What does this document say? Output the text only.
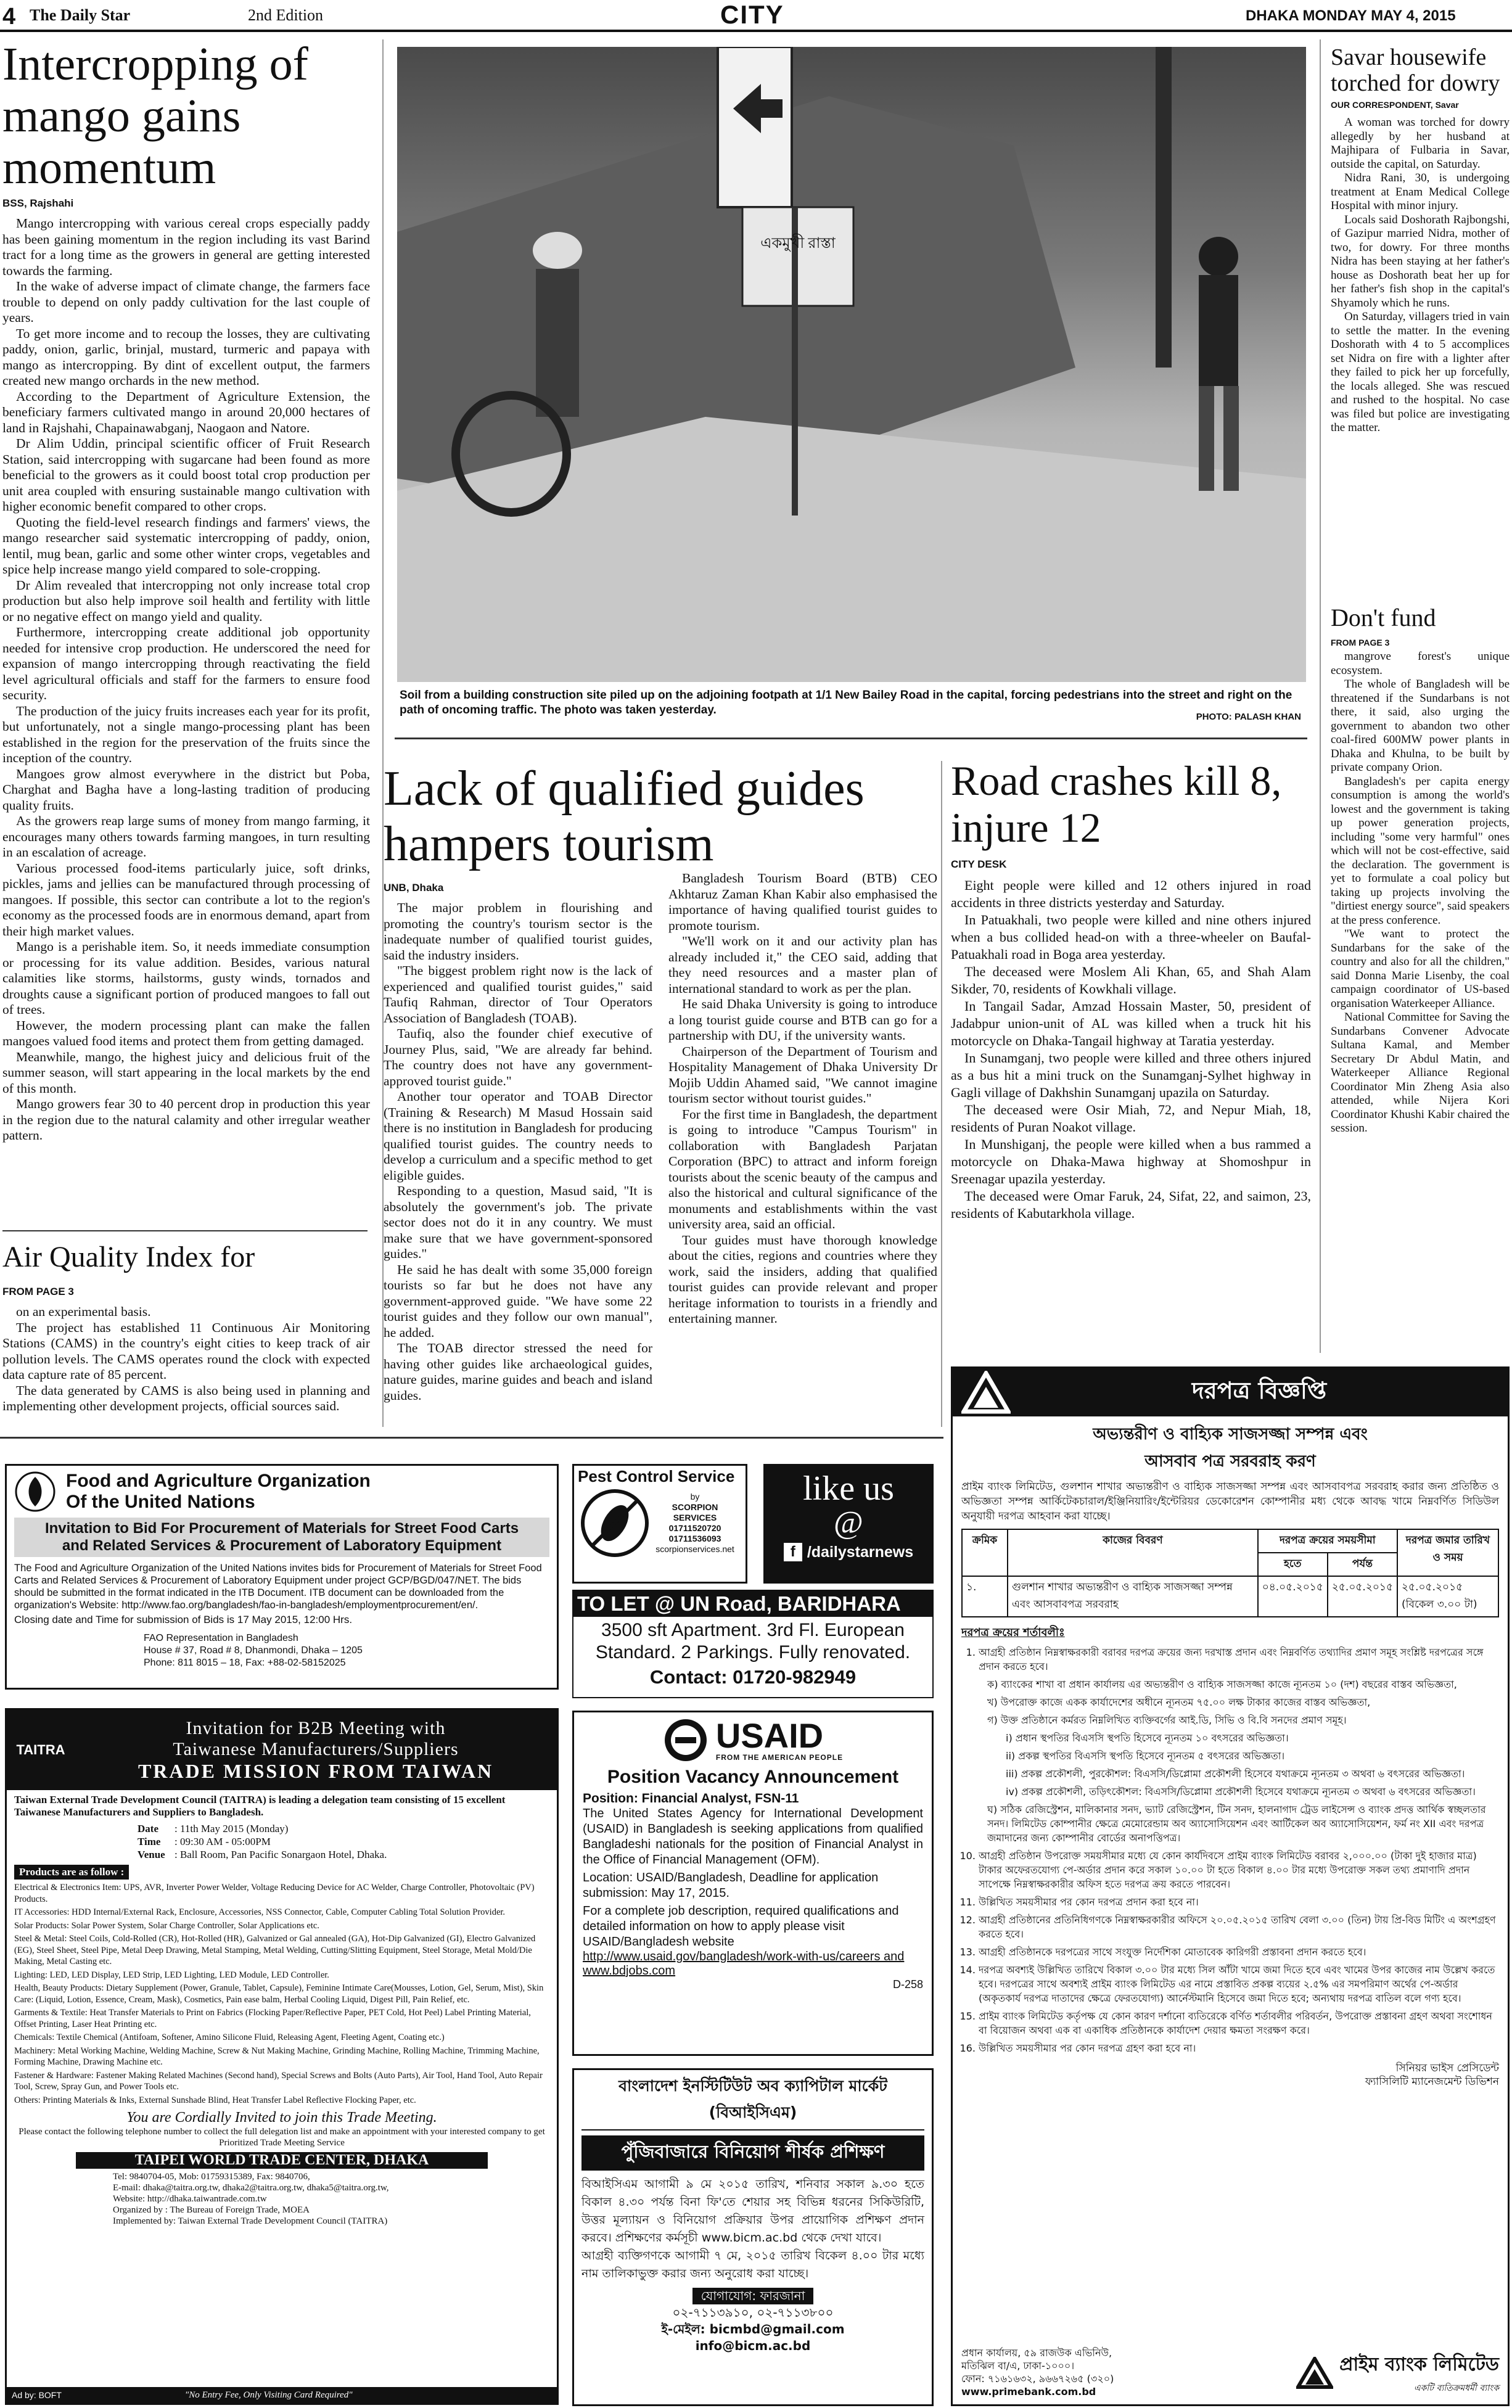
4 The Daily Star	2nd Edition	CITY	DHAKA MONDAY MAY 4, 2015
Intercropping of mango gains momentum
BSS, Rajshahi

Mango intercropping with various cereal crops especially paddy has been gaining momentum in the region including its vast Barind tract for a long time as the growers in general are getting interested towards the farming.

In the wake of adverse impact of climate change, the farmers face trouble to depend on only paddy cultivation for the last couple of years.

To get more income and to recoup the losses, they are cultivating paddy, onion, garlic, brinjal, mustard, turmeric and papaya with mango as intercropping. By dint of excellent output, the farmers created new mango orchards in the new method.

According to the Department of Agriculture Extension, the beneficiary farmers cultivated mango in around 20,000 hectares of land in Rajshahi, Chapainawabganj, Naogaon and Natore.

Dr Alim Uddin, principal scientific officer of Fruit Research Station, said intercropping with sugarcane had been found as more beneficial to the growers as it could boost total crop production per unit area coupled with ensuring sustainable mango cultivation with higher economic benefit compared to other crops.

Quoting the field-level research findings and farmers' views, the mango researcher said systematic intercropping of paddy, onion, lentil, mug bean, garlic and some other winter crops, vegetables and spice help increase mango yield compared to sole-cropping.

Dr Alim revealed that intercropping not only increase total crop production but also help improve soil health and fertility with little or no negative effect on mango yield and quality.

Furthermore, intercropping create additional job opportunity needed for intensive crop production. He underscored the need for expansion of mango intercropping through reactivating the field level agricultural officials and staff for the farmers to ensure food security.

The production of the juicy fruits increases each year for its profit, but unfortunately, not a single mango-processing plant has been established in the region for the preservation of the fruits since the inception of the country.

Mangoes grow almost everywhere in the district but Poba, Charghat and Bagha have a long-lasting tradition of producing quality fruits.

As the growers reap large sums of money from mango farming, it encourages many others towards farming mangoes, in turn resulting in an escalation of acreage.

Various processed food-items particularly juice, soft drinks, pickles, jams and jellies can be manufactured through processing of mangoes. If possible, this sector can contribute a lot to the region's economy as the processed foods are in enormous demand, apart from their high market values.

Mango is a perishable item. So, it needs immediate consumption or processing for its value addition. Besides, various natural calamities like storms, hailstorms, gusty winds, tornados and droughts cause a significant portion of produced mangoes to fall out of trees.

However, the modern processing plant can make the fallen mangoes valued food items and protect them from getting damaged.

Meanwhile, mango, the highest juicy and delicious fruit of the summer season, will start appearing in the local markets by the end of this month.

Mango growers fear 30 to 40 percent drop in production this year in the region due to the natural calamity and other irregular weather pattern.

Air Quality Index for
FROM PAGE 3

on an experimental basis.

The project has established 11 Continuous Air Monitoring Stations (CAMS) in the country's eight cities to keep track of air pollution levels. The CAMS operates round the clock with expected data capture rate of 85 percent.

The data generated by CAMS is also being used in planning and implementing other development projects, official sources said.

একমুখী রাস্তা
Soil from a building construction site piled up on the adjoining footpath at 1/1 New Bailey Road in the capital, forcing pedestrians into the street and right on the path of oncoming traffic. The photo was taken yesterday.
PHOTO: PALASH KHAN
Lack of qualified guides hampers tourism
UNB, Dhaka

The major problem in flourishing and promoting the country's tourism sector is the inadequate number of qualified tourist guides, said the industry insiders.

"The biggest problem right now is the lack of experienced and qualified tourist guides," said Taufiq Rahman, director of Tour Operators Association of Bangladesh (TOAB).

Taufiq, also the founder chief executive of Journey Plus, said, "We are already far behind. The country does not have any government-approved tourist guide."

Another tour operator and TOAB Director (Training & Research) M Masud Hossain said there is no institution in Bangladesh for producing qualified tourist guides. The country needs to develop a curriculum and a specific method to get eligible guides.

Responding to a question, Masud said, "It is absolutely the government's job. The private sector does not do it in any country. We must make sure that we have government-sponsored guides."

He said he has dealt with some 35,000 foreign tourists so far but he does not have any government-approved guide. "We have some 22 tourist guides and they follow our own manual", he added.

The TOAB director stressed the need for having other guides like archaeological guides, nature guides, marine guides and beach and island guides.

Bangladesh Tourism Board (BTB) CEO Akhtaruz Zaman Khan Kabir also emphasised the importance of having qualified tourist guides to promote tourism.

"We'll work on it and our activity plan has already included it," the CEO said, adding that they need resources and a master plan of international standard to work as per the plan.

He said Dhaka University is going to introduce a long tourist guide course and BTB can go for a partnership with DU, if the university wants.

Chairperson of the Department of Tourism and Hospitality Management of Dhaka University Dr Mojib Uddin Ahamed said, "We cannot imagine tourism sector without tourist guides."

For the first time in Bangladesh, the department is going to introduce "Campus Tourism" in collaboration with Bangladesh Parjatan Corporation (BPC) to attract and inform foreign tourists about the scenic beauty of the campus and also the historical and cultural significance of the monuments and establishments within the vast university area, said an official.

Tour guides must have thorough knowledge about the cities, regions and countries where they work, said the insiders, adding that qualified tourist guides can provide relevant and proper heritage information to tourists in a friendly and entertaining manner.

Road crashes kill 8, injure 12
CITY DESK

Eight people were killed and 12 others injured in road accidents in three districts yesterday and Saturday.

In Patuakhali, two people were killed and nine others injured when a bus collided head-on with a three-wheeler on Baufal-Patuakhali road in Boga area yesterday.

The deceased were Moslem Ali Khan, 65, and Shah Alam Sikder, 70, residents of Kowkhali village.

In Tangail Sadar, Amzad Hossain Master, 50, president of Jadabpur union-unit of AL was killed when a truck hit his motorcycle on Dhaka-Tangail highway at Taratia yesterday.

In Sunamganj, two people were killed and three others injured as a bus hit a mini truck on the Sunamganj-Sylhet highway in Gagli village of Dakhshin Sunamganj upazila on Saturday.

The deceased were Osir Miah, 72, and Nepur Miah, 18, residents of Puran Noakot village.

In Munshiganj, the people were killed when a bus rammed a motorcycle on Dhaka-Mawa highway at Shomoshpur in Sreenagar upazila yesterday.

The deceased were Omar Faruk, 24, Sifat, 22, and saimon, 23, residents of Kabutarkhola village.

Savar housewife torched for dowry
OUR CORRESPONDENT, Savar

A woman was torched for dowry allegedly by her husband at Majhipara of Fulbaria in Savar, outside the capital, on Saturday.

Nidra Rani, 30, is undergoing treatment at Enam Medical College Hospital with minor injury.

Locals said Doshorath Rajbongshi, of Gazipur married Nidra, mother of two, for dowry. For three months Nidra has been staying at her father's house as Doshorath beat her up for her father's fish shop in the capital's Shyamoly which he runs.

On Saturday, villagers tried in vain to settle the matter. In the evening Doshorath with 4 to 5 accomplices set Nidra on fire with a lighter after they failed to pick her up forcefully, the locals alleged. She was rescued and rushed to the hospital. No case was filed but police are investigating the matter.

Don't fund
FROM PAGE 3

mangrove forest's unique ecosystem.

The whole of Bangladesh will be threatened if the Sundarbans is not there, it said, also urging the government to abandon two other coal-fired 600MW power plants in Dhaka and Khulna, to be built by private company Orion.

Bangladesh's per capita energy consumption is among the world's lowest and the government is taking up power generation projects, including "some very harmful" ones which will not be cost-effective, said the declaration. The government is yet to formulate a coal policy but taking up projects involving the "dirtiest energy source", said speakers at the press conference.

"We want to protect the Sundarbans for the sake of the country and also for all the children," said Donna Marie Lisenby, the coal campaign coordinator of US-based organisation Waterkeeper Alliance.

National Committee for Saving the Sundarbans Convener Advocate Sultana Kamal, and Member Secretary Dr Abdul Matin, and Waterkeeper Alliance Regional Coordinator Min Zheng Asia also attended, while Nijera Kori Coordinator Khushi Kabir chaired the session.

Food and Agriculture Organization
Of the United Nations
Invitation to Bid For Procurement of Materials for Street Food Carts and Related Services & Procurement of Laboratory Equipment
The Food and Agriculture Organization of the United Nations invites bids for Procurement of Materials for Street Food Carts and Related Services & Procurement of Laboratory Equipment under project GCP/BGD/047/NET. The bids should be submitted in the format indicated in the ITB Document. ITB document can be downloaded from the organization's Website: http://www.fao.org/bangladesh/fao-in-bangladesh/employmentprocurement/en/.
Closing date and Time for submission of Bids is 17 May 2015, 12:00 Hrs.
FAO Representation in Bangladesh
House # 37, Road # 8, Dhanmondi, Dhaka – 1205
Phone: 811 8015 – 18, Fax: +88-02-58152025
TAITRA
Invitation for B2B Meeting with
Taiwanese Manufacturers/Suppliers
TRADE MISSION FROM TAIWAN
Taiwan External Trade Development Council (TAITRA) is leading a delegation team consisting of 15 excellent Taiwanese Manufacturers and Suppliers to Bangladesh.
Date : 11th May 2015 (Monday)
Time : 09:30 AM - 05:00PM
Venue : Ball Room, Pan Pacific Sonargaon Hotel, Dhaka.
Products are as follow :
Electrical & Electronics Item: UPS, AVR, Inverter Power Welder, Voltage Reducing Device for AC Welder, Charge Controller, Photovoltaic (PV) Products.
IT Accessories: HDD Internal/External Rack, Enclosure, Accessories, NSS Connector, Cable, Computer Cabling Total Solution Provider.
Solar Products: Solar Power System, Solar Charge Controller, Solar Applications etc.
Steel & Metal: Steel Coils, Cold-Rolled (CR), Hot-Rolled (HR), Galvanized or Gal annealed (GA), Hot-Dip Galvanized (GI), Electro Galvanized (EG), Steel Sheet, Steel Pipe, Metal Deep Drawing, Metal Stamping, Metal Welding, Cutting/Slitting Equipment, Steel Storage, Metal Mold/Die Making, Metal Casting etc.
Lighting: LED, LED Display, LED Strip, LED Lighting, LED Module, LED Controller.
Health, Beauty Products: Dietary Supplement (Power, Granule, Tablet, Capsule), Feminine Intimate Care(Mousses, Lotion, Gel, Serum, Mist), Skin Care: (Liquid, Lotion, Essence, Cream, Mask), Cosmetics, Pain ease balm, Herbal Cooling Liquid, Digest Pill, Pain Relief, etc.
Garments & Textile: Heat Transfer Materials to Print on Fabrics (Flocking Paper/Reflective Paper, PET Cold, Hot Peel) Label Printing Material, Offset Printing, Laser Heat Printing etc.
Chemicals: Textile Chemical (Antifoam, Softener, Amino Silicone Fluid, Releasing Agent, Fleeting Agent, Coating etc.)
Machinery: Metal Working Machine, Welding Machine, Screw & Nut Making Machine, Grinding Machine, Rolling Machine, Trimming Machine, Forming Machine, Drawing Machine etc.
Fastener & Hardware: Fastener Making Related Machines (Second hand), Special Screws and Bolts (Auto Parts), Air Tool, Hand Tool, Auto Repair Tool, Screw, Spray Gun, and Power Tools etc.
Others: Printing Materials & Inks, External Sunshade Blind, Heat Transfer Label Reflective Flocking Paper, etc.
You are Cordially Invited to join this Trade Meeting.
Please contact the following telephone number to collect the full delegation list and make an appointment with your interested company to get Prioritized Trade Meeting Service
TAIPEI WORLD TRADE CENTER, DHAKA
Tel: 9840704-05, Mob: 01759315389, Fax: 9840706,
E-mail: dhaka@taitra.org.tw, dhaka2@taitra.org.tw, dhaka5@taitra.org.tw,
Website: http://dhaka.taiwantrade.com.tw
Organized by : The Bureau of Foreign Trade, MOEA
Implemented by: Taiwan External Trade Development Council (TAITRA)
Ad by: BOFT	"No Entry Fee, Only Visiting Card Required"
Pest Control Service
by
SCORPION SERVICES
01711520720
01711536093
scorpionservices.net
like us
@
f /dailystarnews
TO LET @ UN Road, BARIDHARA
3500 sft Apartment. 3rd Fl. European Standard. 2 Parkings. Fully renovated.
Contact: 01720-982949
USAID
FROM THE AMERICAN PEOPLE
Position Vacancy Announcement
Position: Financial Analyst, FSN-11
The United States Agency for International Development (USAID) in Bangladesh is seeking applications from qualified Bangladeshi nationals for the position of Financial Analyst in the Office of Financial Management (OFM).
Location: USAID/Bangladesh, Deadline for application submission: May 17, 2015.
For a complete job description, required qualifications and detailed information on how to apply please visit USAID/Bangladesh website
http://www.usaid.gov/bangladesh/work-with-us/careers and
www.bdjobs.com
D-258
বাংলাদেশ ইনস্টিটিউট অব ক্যাপিটাল মার্কেট (বিআইসিএম)
পুঁজিবাজারে বিনিয়োগ শীর্ষক প্রশিক্ষণ
বিআইসিএম আগামী ৯ মে ২০১৫ তারিখ, শনিবার সকাল ৯.৩০ হতে বিকাল ৪.৩০ পর্যন্ত বিনা ফি'তে শেয়ার সহ বিভিন্ন ধরনের সিকিউরিটি, উত্তর মূল্যায়ন ও বিনিয়োগ প্রক্রিয়ার উপর প্রায়োগিক প্রশিক্ষণ প্রদান করবে। প্রশিক্ষণের কর্মসূচী www.bicm.ac.bd থেকে দেখা যাবে।
আগ্রহী ব্যক্তিগণকে আগামী ৭ মে, ২০১৫ তারিখ বিকেল ৪.০০ টার মধ্যে নাম তালিকাভুক্ত করার জন্য অনুরোধ করা যাচ্ছে।
যোগাযোগ: ফারজানা
০২-৭১১৩৯১০, ০২-৭১১৩৮০০
ই-মেইল: bicmbd@gmail.com
info@bicm.ac.bd
দরপত্র বিজ্ঞপ্তি
অভ্যন্তরীণ ও বাহ্যিক সাজসজ্জা সম্পন্ন এবং
আসবাব পত্র সরবরাহ করণ
প্রাইম ব্যাংক লিমিটেড, গুলশান শাখার অভ্যন্তরীণ ও বাহ্যিক সাজসজ্জা সম্পন্ন এবং আসবাবপত্র সরবরাহ করার জন্য প্রতিষ্ঠিত ও অভিজ্ঞতা সম্পন্ন আর্কিটেকচারাল/ইঞ্জিনিয়ারিং/ইন্টেরিয়র ডেকোরেশন কোম্পানীর মধ্য থেকে আবদ্ধ খামে নিম্নবর্ণিত সিডিউল অনুযায়ী দরপত্র আহবান করা যাচ্ছে।
ক্রমিক	কাজের বিবরণ	দরপত্র ক্রয়ের সময়সীমা		দরপত্র জমার তারিখ ও সময়
		হতে	পর্যন্ত	
১.	গুলশান শাখার অভ্যন্তরীণ ও বাহ্যিক সাজসজ্জা সম্পন্ন এবং আসবাবপত্র সরবরাহ	০৪.০৫.২০১৫	২৫.০৫.২০১৫	২৫.০৫.২০১৫ (বিকেল ৩.০০ টা)
দরপত্র ক্রয়ের শর্তাবলীঃ
1. আগ্রহী প্রতিষ্ঠান নিম্নস্বাক্ষরকারী বরাবর দরপত্র ক্রয়ের জন্য দরখাস্ত প্রদান এবং নিম্নবর্ণিত তথ্যাদির প্রমাণ সমূহ সংশ্লিষ্ট দরপত্রের সঙ্গে প্রদান করতে হবে।
ক) ব্যাংকের শাখা বা প্রধান কার্যালয় এর অভ্যন্তরীণ ও বাহ্যিক সাজসজ্জা কাজে ন্যূনতম ১০ (দশ) বছরের বাস্তব অভিজ্ঞতা,
খ) উপরোক্ত কাজে একক কার্যাদেশের অধীনে ন্যূনতম ৭৫.০০ লক্ষ টাকার কাজের বাস্তব অভিজ্ঞতা,
গ) উক্ত প্রতিষ্ঠানে কর্মরত নিম্নলিখিত ব্যক্তিবর্গের আই.ডি, সিভি ও বি.বি সনদের প্রমাণ সমূহ।
i) প্রধান স্থপতির বিএসসি স্থপতি হিসেবে ন্যূনতম ১০ বৎসরের অভিজ্ঞতা।
ii) প্রকল্প স্থপতির বিএসসি স্থপতি হিসেবে ন্যূনতম ৫ বৎসরের অভিজ্ঞতা।
iii) প্রকল্প প্রকৌশলী, পুরকৌশল: বিএসসি/ডিপ্লোমা প্রকৌশলী হিসেবে যথাক্রমে ন্যূনতম ৩ অথবা ৬ বৎসরের অভিজ্ঞতা।
iv) প্রকল্প প্রকৌশলী, তড়িৎকৌশল: বিএসসি/ডিপ্লোমা প্রকৌশলী হিসেবে যথাক্রমে ন্যূনতম ৩ অথবা ৬ বৎসরের অভিজ্ঞতা।
ঘ) সঠিক রেজিস্ট্রেশন, মালিকানার সনদ, ভ্যাট রেজিস্ট্রেশন, টিন সনদ, হালনাগাদ ট্রেড লাইসেন্স ও ব্যাংক প্রদত্ত আর্থিক স্বচ্ছলতার সনদ। লিমিটেড কোম্পানীর ক্ষেত্রে মেমোরেন্ডাম অব অ্যাসোসিয়েশন এবং আর্টিকেল অব অ্যাসোসিয়েশন, ফর্ম নং XII এবং দরপত্র জমাদানের জন্য কোম্পানীর বোর্ডের অনাপত্তিপত্র।
10. আগ্রহী প্রতিষ্ঠান উপরোক্ত সময়সীমার মধ্যে যে কোন কার্যদিবসে প্রাইম ব্যাংক লিমিটেড বরাবর ২,০০০.০০ (টাকা দুই হাজার মাত্র) টাকার অফেরতযোগ্য পে-অর্ডার প্রদান করে সকাল ১০.০০ টা হতে বিকাল ৪.০০ টার মধ্যে উপরোক্ত সকল তথ্য প্রমাণাদি প্রদান সাপেক্ষে নিম্নস্বাক্ষরকারীর অফিস হতে দরপত্র ক্রয় করতে পারবেন।
11. উল্লিখিত সময়সীমার পর কোন দরপত্র প্রদান করা হবে না।
12. আগ্রহী প্রতিষ্ঠানের প্রতিনিধিগণকে নিম্নস্বাক্ষরকারীর অফিসে ২০.০৫.২০১৫ তারিখ বেলা ৩.০০ (তিন) টায় প্রি-বিড মিটিং এ অংশগ্রহণ করতে হবে।
13. আগ্রহী প্রতিষ্ঠানকে দরপত্রের সাথে সংযুক্ত নির্দেশিকা মোতাবেক কারিগরী প্রস্তাবনা প্রদান করতে হবে।
14. দরপত্র অবশ্যই উল্লিখিত তারিখে বিকাল ৩.০০ টার মধ্যে সিল আঁটা খামে জমা দিতে হবে এবং খামের উপর কাজের নাম উল্লেখ করতে হবে। দরপত্রের সাথে অবশ্যই প্রাইম ব্যাংক লিমিটেড এর নামে প্রস্তাবিত প্রকল্প ব্যয়ের ২.৫% এর সমপরিমাণ অর্থের পে-অর্ডার (অকৃতকার্য দরপত্র দাতাদের ক্ষেত্রে ফেরতযোগ্য) আর্নেস্টমানি হিসেবে জমা দিতে হবে; অন্যথায় দরপত্র বাতিল বলে গণ্য হবে।
15. প্রাইম ব্যাংক লিমিটেড কর্তৃপক্ষ যে কোন কারণ দর্শানো ব্যতিরেকে বর্ণিত শর্তাবলীর পরিবর্তন, উপরোক্ত প্রস্তাবনা গ্রহণ অথবা সংশোধন বা বিয়োজন অথবা এক বা একাধিক প্রতিষ্ঠানকে কার্যাদেশ দেয়ার ক্ষমতা সংরক্ষণ করে।
16. উল্লিখিত সময়সীমার পর কোন দরপত্র গ্রহণ করা হবে না।
সিনিয়র ভাইস প্রেসিডেন্ট
ফ্যাসিলিটি ম্যানেজমেন্ট ডিভিশন
প্রধান কার্যালয়, ৫৯ রাজউক এভিনিউ,
মতিঝিল বা/এ, ঢাকা-১০০০।
ফোন: ৭১৬১৬৩২, ৯৬৬৭২৬৫ (৩২০)
www.primebank.com.bd
প্রাইম ব্যাংক লিমিটেড
একটি ব্যতিক্রমধর্মী ব্যাংক
